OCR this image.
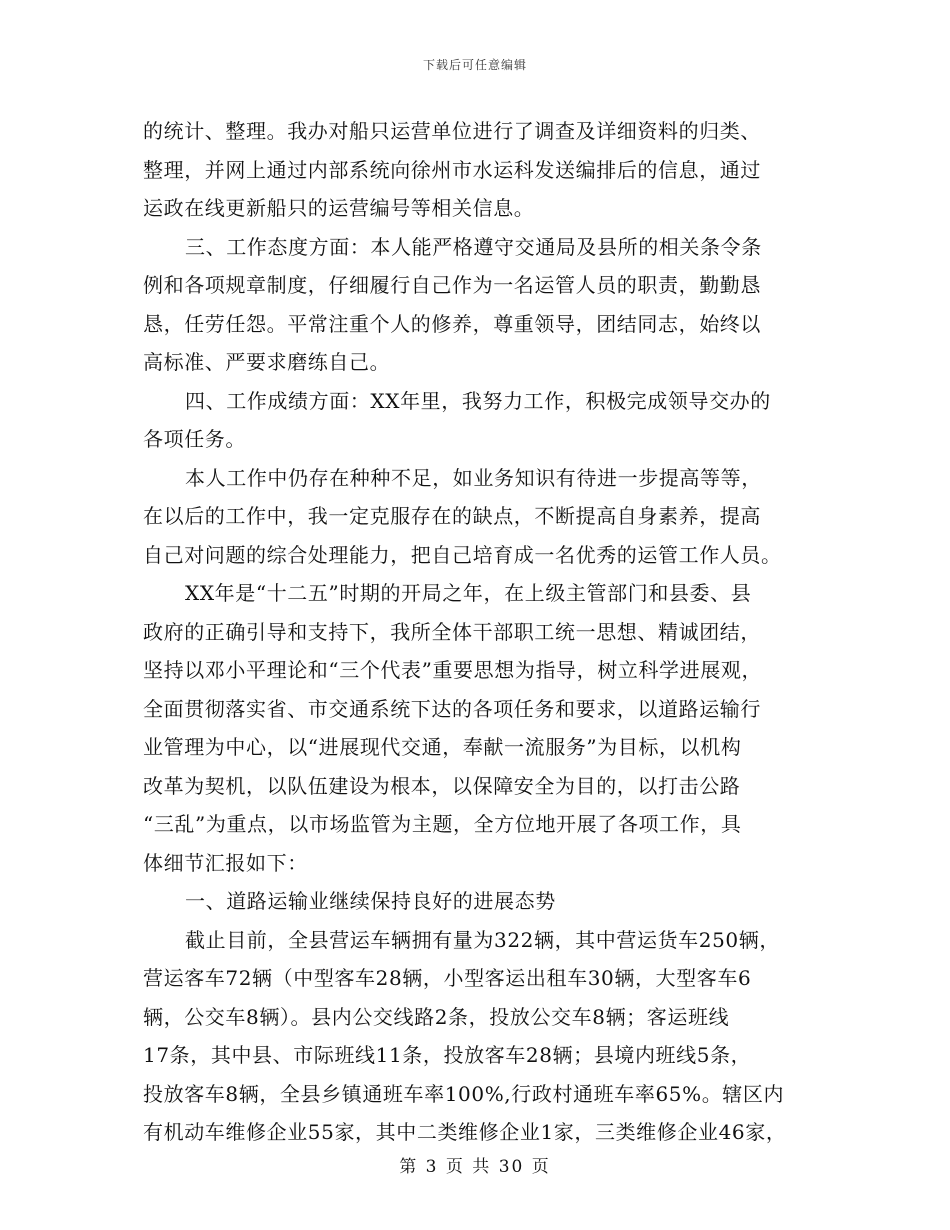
下载后可任意编辑
的统计、整理。我办对船只运营单位进行了调查及详细资料的归类、
整理，并网上通过内部系统向徐州市水运科发送编排后的信息，通过
运政在线更新船只的运营编号等相关信息。
三、工作态度方面：本人能严格遵守交通局及县所的相关条令条
例和各项规章制度，仔细履行自己作为一名运管人员的职责，勤勤恳
恳，任劳任怨。平常注重个人的修养，尊重领导，团结同志，始终以
高标准、严要求磨练自己。
四、工作成绩方面：XX年里，我努力工作，积极完成领导交办的
各项任务。
本人工作中仍存在种种不足，如业务知识有待进一步提高等等，
在以后的工作中，我一定克服存在的缺点，不断提高自身素养，提高
自己对问题的综合处理能力，把自己培育成一名优秀的运管工作人员。
XX年是“十二五”时期的开局之年，在上级主管部门和县委、县
政府的正确引导和支持下，我所全体干部职工统一思想、精诚团结，
坚持以邓小平理论和“三个代表”重要思想为指导，树立科学进展观，
全面贯彻落实省、市交通系统下达的各项任务和要求，以道路运输行
业管理为中心，以“进展现代交通，奉献一流服务”为目标，以机构
改革为契机，以队伍建设为根本，以保障安全为目的，以打击公路
“三乱”为重点，以市场监管为主题，全方位地开展了各项工作，具
体细节汇报如下：
一、道路运输业继续保持良好的进展态势
截止目前，全县营运车辆拥有量为322辆，其中营运货车250辆，
营运客车72辆（中型客车28辆，小型客运出租车30辆，大型客车6
辆，公交车8辆）。县内公交线路2条，投放公交车8辆；客运班线
17条，其中县、市际班线11条，投放客车28辆；县境内班线5条，
投放客车8辆，全县乡镇通班车率100%,行政村通班车率65%。辖区内
有机动车维修企业55家，其中二类维修企业1家，三类维修企业46家，
第 3 页 共 30 页
